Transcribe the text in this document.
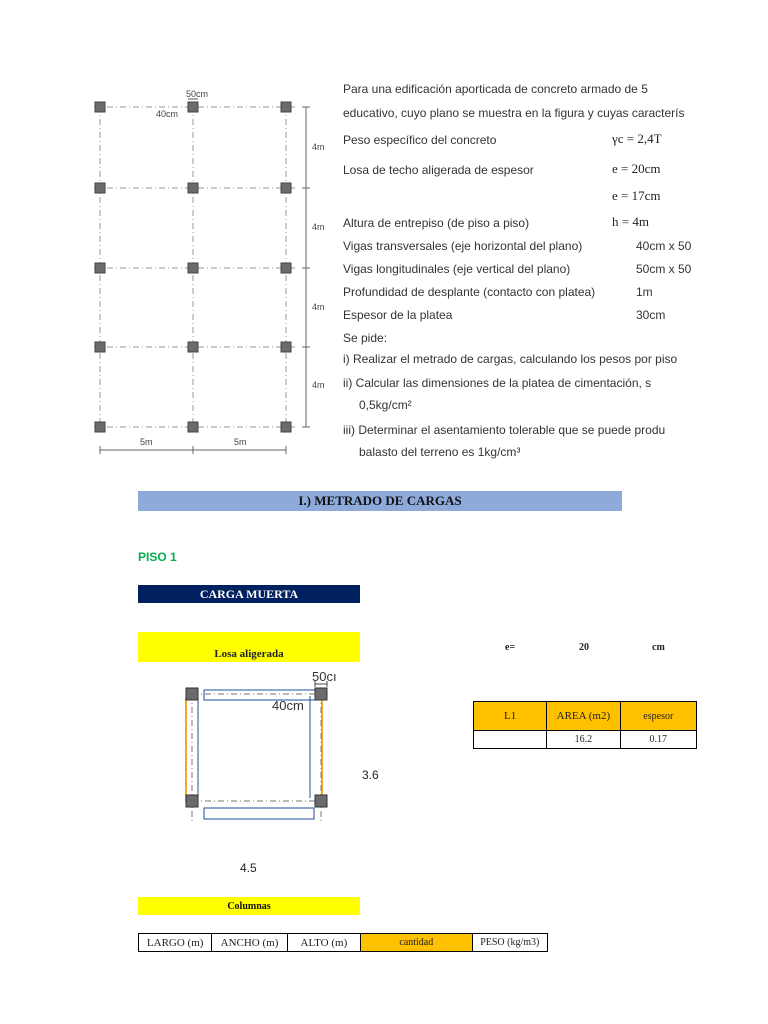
50cm
40cm
4m
4m
4m
4m
5m	5m
Para una edificación aporticada de concreto armado de 5
educativo, cuyo plano se muestra en la figura y cuyas caracterís
Peso específico del concreto	γc = 2,4T
Losa de techo aligerada de espesor	e = 20cm
e = 17cm
Altura de entrepiso (de piso a piso)	h = 4m
Vigas transversales (eje horizontal del plano)	40cm x 50
Vigas longitudinales (eje vertical del plano)	50cm x 50
Profundidad de desplante (contacto con platea)	1m
Espesor de la platea	30cm
Se pide:
i) Realizar el metrado de cargas, calculando los pesos por piso
ii) Calcular las dimensiones de la platea de cimentación, s
0,5kg/cm²
iii) Determinar el asentamiento tolerable que se puede produ
balasto del terreno es 1kg/cm³
I.) METRADO DE CARGAS
PISO 1
CARGA MUERTA
Losa aligerada
e=	20	cm
50cı
40cm
3.6
4.5
L1	AREA (m2)	espesor
	16.2	0.17
Columnas
LARGO (m)	ANCHO (m)	ALTO (m)	cantidad	PESO (kg/m3)
